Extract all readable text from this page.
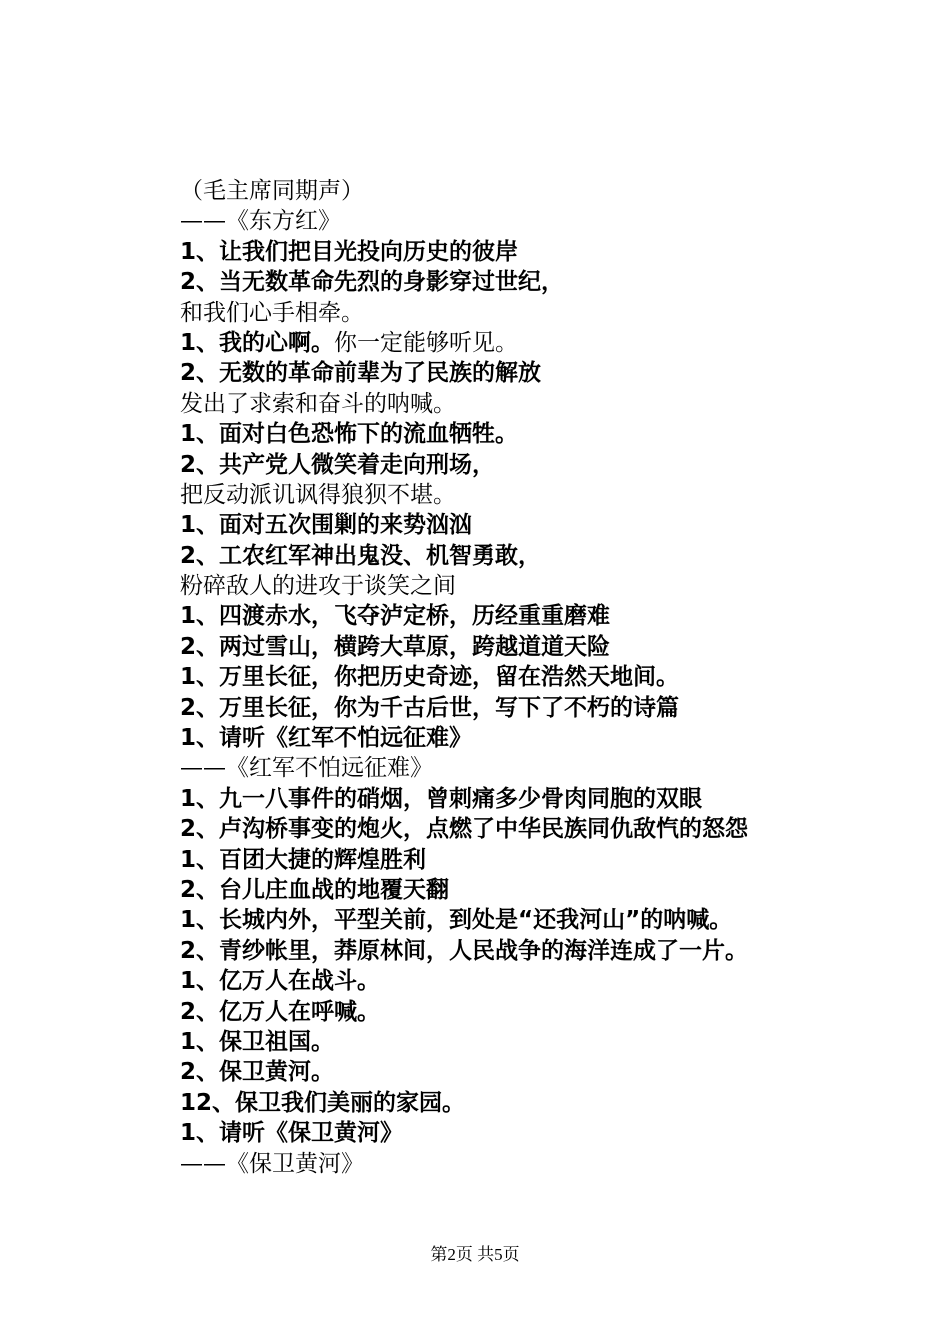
（毛主席同期声）
——《东方红》
1、让我们把目光投向历史的彼岸
2、当无数革命先烈的身影穿过世纪，
和我们心手相牵。
1、我的心啊。你一定能够听见。
2、无数的革命前辈为了民族的解放
发出了求索和奋斗的呐喊。
1、面对白色恐怖下的流血牺牲。
2、共产党人微笑着走向刑场，
把反动派讥讽得狼狈不堪。
1、面对五次围剿的来势汹汹
2、工农红军神出鬼没、机智勇敢，
粉碎敌人的进攻于谈笑之间
1、四渡赤水，飞夺泸定桥，历经重重磨难
2、两过雪山，横跨大草原，跨越道道天险
1、万里长征，你把历史奇迹，留在浩然天地间。
2、万里长征，你为千古后世，写下了不朽的诗篇
1、请听《红军不怕远征难》
——《红军不怕远征难》
1、九一八事件的硝烟，曾刺痛多少骨肉同胞的双眼
2、卢沟桥事变的炮火，点燃了中华民族同仇敌忾的怒怨
1、百团大捷的辉煌胜利
2、台儿庄血战的地覆天翻
1、长城内外，平型关前，到处是“还我河山”的呐喊。
2、青纱帐里，莽原林间，人民战争的海洋连成了一片。
1、亿万人在战斗。
2、亿万人在呼喊。
1、保卫祖国。
2、保卫黄河。
12、保卫我们美丽的家园。
1、请听《保卫黄河》
——《保卫黄河》
第2页 共5页
